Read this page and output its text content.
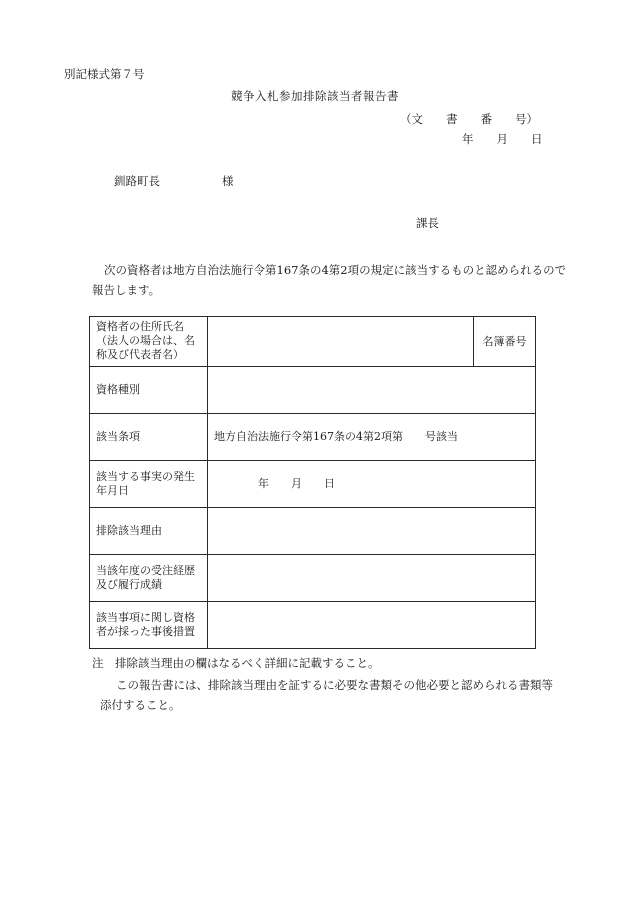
別記様式第７号
競争入札参加排除該当者報告書
（文　　書　　番　　号）
年　　月　　日
釧路町長	様
課長
次の資格者は地方自治法施行令第167条の4第2項の規定に該当するものと認められるので
報告します。
資格者の住所氏名（法人の場合は、名称及び代表者名）		名簿番号
資格種別		
該当条項	地方自治法施行令第167条の4第2項第　　号該当	
該当する事実の発生年月日	年　　月　　日	
排除該当理由		
当該年度の受注経歴及び履行成績		
該当事項に関し資格者が採った事後措置		
注　排除該当理由の欄はなるべく詳細に記載すること。
この報告書には、排除該当理由を証するに必要な書類その他必要と認められる書類等
添付すること。
